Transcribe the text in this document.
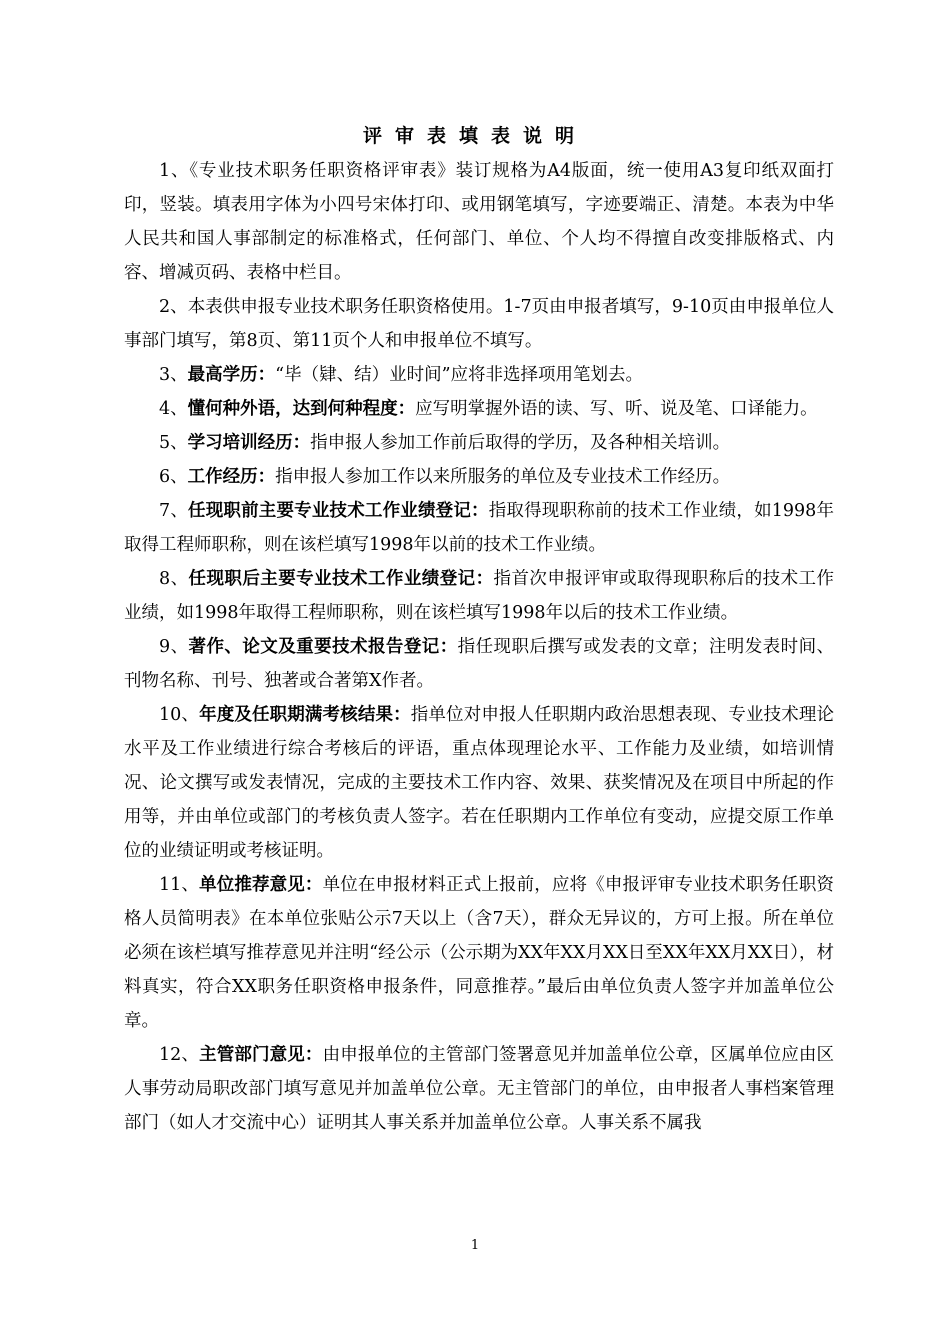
评审表填表说明

1、《专业技术职务任职资格评审表》装订规格为A4版面，统一使用A3复印纸双面打印，竖装。填表用字体为小四号宋体打印、或用钢笔填写，字迹要端正、清楚。本表为中华人民共和国人事部制定的标准格式，任何部门、单位、个人均不得擅自改变排版格式、内容、增减页码、表格中栏目。

2、本表供申报专业技术职务任职资格使用。1-7页由申报者填写，9-10页由申报单位人事部门填写，第8页、第11页个人和申报单位不填写。

3、最高学历：“毕（肄、结）业时间”应将非选择项用笔划去。

4、懂何种外语，达到何种程度：应写明掌握外语的读、写、听、说及笔、口译能力。

5、学习培训经历：指申报人参加工作前后取得的学历，及各种相关培训。

6、工作经历：指申报人参加工作以来所服务的单位及专业技术工作经历。

7、任现职前主要专业技术工作业绩登记：指取得现职称前的技术工作业绩，如1998年取得工程师职称，则在该栏填写1998年以前的技术工作业绩。

8、任现职后主要专业技术工作业绩登记：指首次申报评审或取得现职称后的技术工作业绩，如1998年取得工程师职称，则在该栏填写1998年以后的技术工作业绩。

9、著作、论文及重要技术报告登记：指任现职后撰写或发表的文章；注明发表时间、刊物名称、刊号、独著或合著第X作者。

10、年度及任职期满考核结果：指单位对申报人任职期内政治思想表现、专业技术理论水平及工作业绩进行综合考核后的评语，重点体现理论水平、工作能力及业绩，如培训情况、论文撰写或发表情况，完成的主要技术工作内容、效果、获奖情况及在项目中所起的作用等，并由单位或部门的考核负责人签字。若在任职期内工作单位有变动，应提交原工作单位的业绩证明或考核证明。

11、单位推荐意见：单位在申报材料正式上报前，应将《申报评审专业技术职务任职资格人员简明表》在本单位张贴公示7天以上（含7天），群众无异议的，方可上报。所在单位必须在该栏填写推荐意见并注明“经公示（公示期为XX年XX月XX日至XX年XX月XX日），材料真实，符合XX职务任职资格申报条件，同意推荐。”最后由单位负责人签字并加盖单位公章。

12、主管部门意见：由申报单位的主管部门签署意见并加盖单位公章，区属单位应由区人事劳动局职改部门填写意见并加盖单位公章。无主管部门的单位，由申报者人事档案管理部门（如人才交流中心）证明其人事关系并加盖单位公章。人事关系不属我

1
